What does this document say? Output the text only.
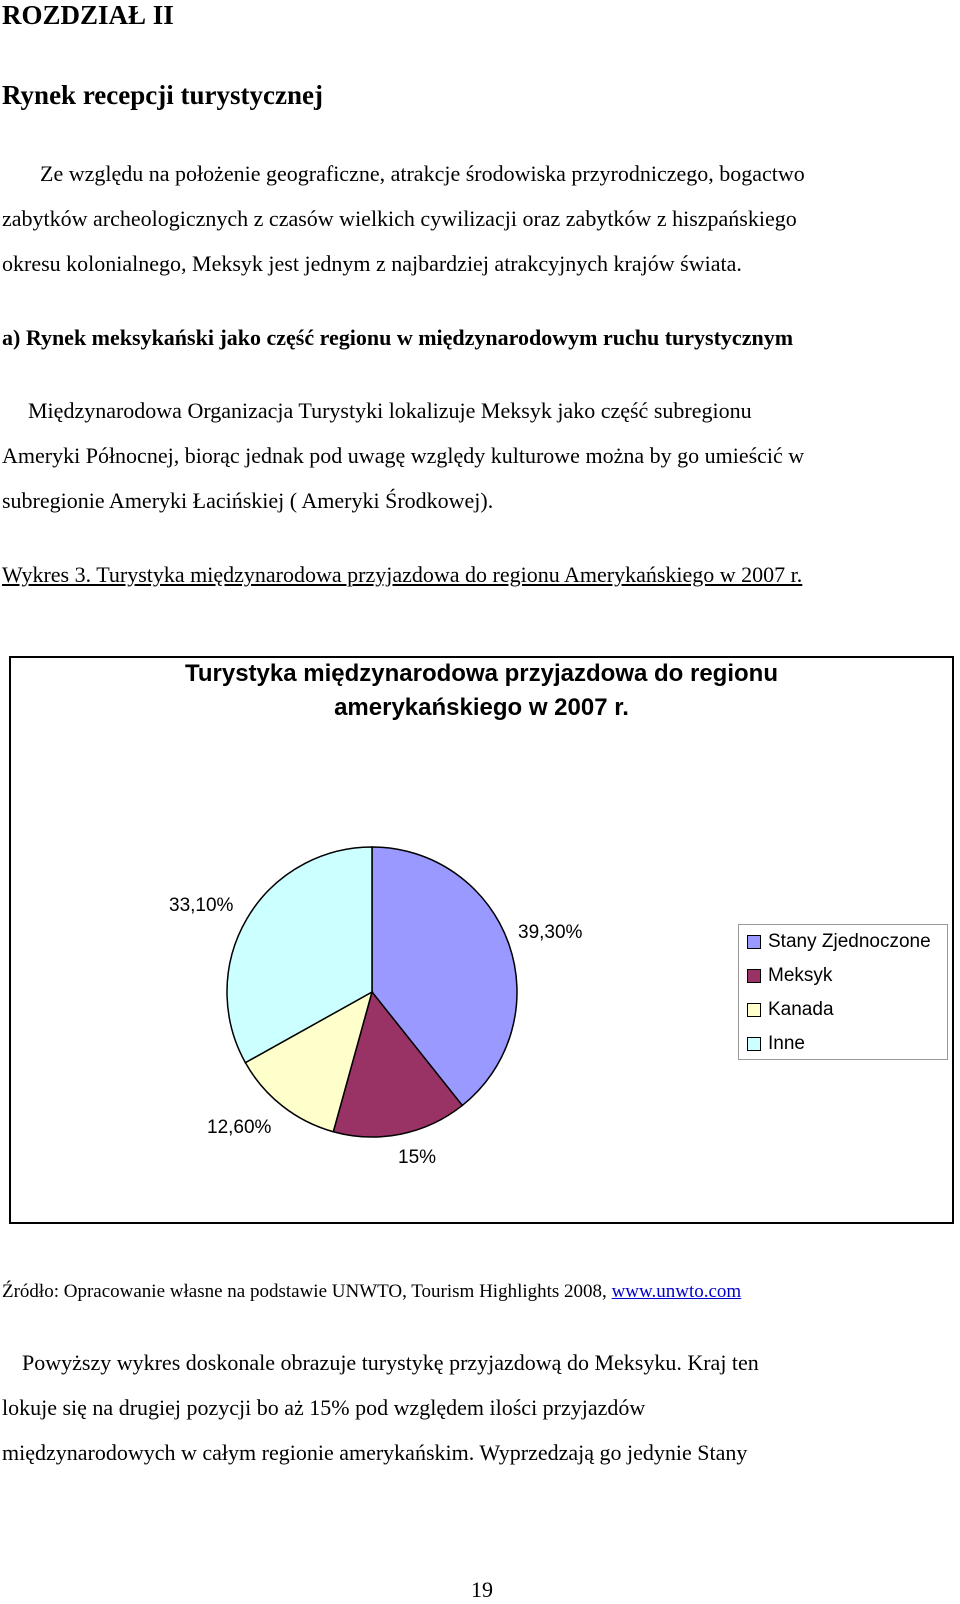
ROZDZIAŁ II
Rynek recepcji turystycznej
Ze względu na położenie geograficzne, atrakcje środowiska przyrodniczego, bogactwo
zabytków archeologicznych z czasów wielkich cywilizacji oraz zabytków z hiszpańskiego
okresu kolonialnego, Meksyk jest jednym z najbardziej atrakcyjnych krajów świata.
a) Rynek meksykański jako część regionu w międzynarodowym ruchu turystycznym
Międzynarodowa Organizacja Turystyki lokalizuje Meksyk jako część subregionu
Ameryki Północnej, biorąc jednak pod uwagę względy kulturowe można by go umieścić w
subregionie Ameryki Łacińskiej ( Ameryki Środkowej).
Wykres 3. Turystyka międzynarodowa przyjazdowa do regionu Amerykańskiego w 2007 r.
Turystyka międzynarodowa przyjazdowa do regionu
amerykańskiego w 2007 r.
39,30%
15%
12,60%
33,10%
Stany Zjednoczone
Meksyk
Kanada
Inne
Źródło: Opracowanie własne na podstawie UNWTO, Tourism Highlights 2008, www.unwto.com
Powyższy wykres doskonale obrazuje turystykę przyjazdową do Meksyku. Kraj ten
lokuje się na drugiej pozycji bo aż 15% pod względem ilości przyjazdów
międzynarodowych w całym regionie amerykańskim. Wyprzedzają go jedynie Stany
19
